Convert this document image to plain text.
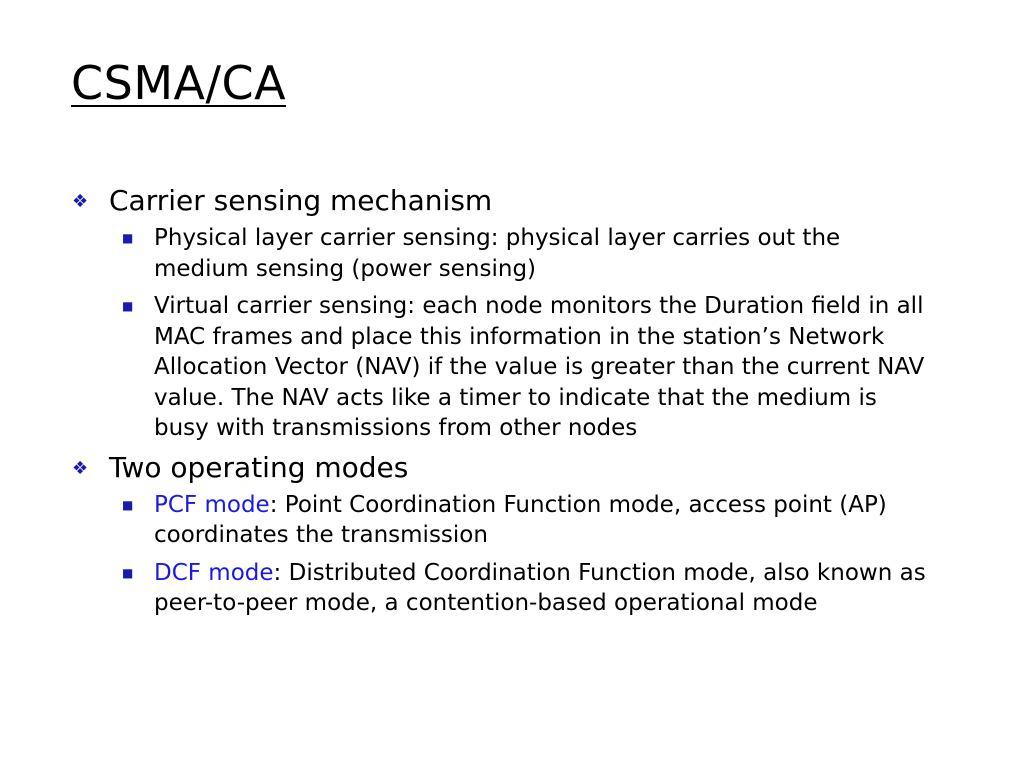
CSMA/CA
❖ Carrier sensing mechanism
■ Physical layer carrier sensing: physical layer carries out the medium sensing (power sensing)
■ Virtual carrier sensing: each node monitors the Duration field in all MAC frames and place this information in the station’s Network Allocation Vector (NAV) if the value is greater than the current NAV value. The NAV acts like a timer to indicate that the medium is busy with transmissions from other nodes
❖ Two operating modes
■ PCF mode: Point Coordination Function mode, access point (AP) coordinates the transmission
■ DCF mode: Distributed Coordination Function mode, also known as peer-to-peer mode, a contention-based operational mode
